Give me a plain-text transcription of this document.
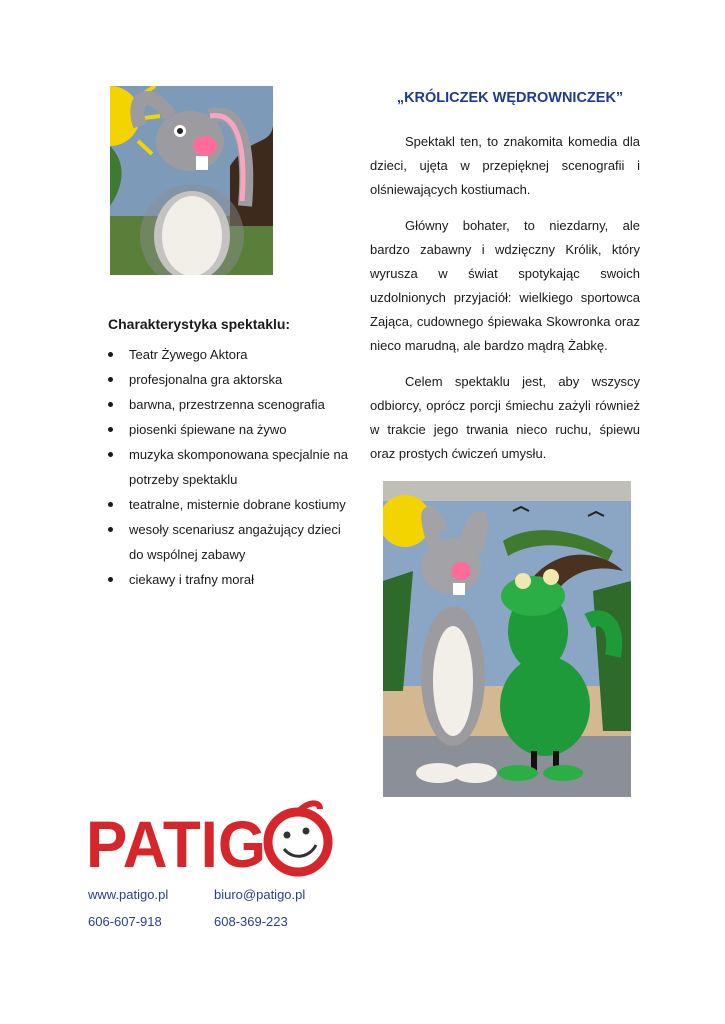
„KRÓLICZEK WĘDROWNICZEK”

Spektakl ten, to znakomita komedia dla dzieci, ujęta w przepięknej scenografii i olśniewających kostiumach.

Główny bohater, to niezdarny, ale bardzo zabawny i wdzięczny Królik, który wyrusza w świat spotykając swoich uzdolnionych przyjaciół: wielkiego sportowca Zająca, cudownego śpiewaka Skowronka oraz nieco marudną, ale bardzo mądrą Żabkę.

Celem spektaklu jest, aby wszyscy odbiorcy, oprócz porcji śmiechu zażyli również w trakcie jego trwania nieco ruchu, śpiewu oraz prostych ćwiczeń umysłu.

Charakterystyka spektaklu:
Teatr Żywego Aktora
profesjonalna gra aktorska
barwna, przestrzenna scenografia
piosenki śpiewane na żywo
muzyka skomponowana specjalnie na potrzeby spektaklu
teatralne, misternie dobrane kostiumy
wesoły scenariusz angażujący dzieci do wspólnej zabawy
ciekawy i trafny morał
PATIG
www.patigo.pl	biuro@patigo.pl
606-607-918	608-369-223
